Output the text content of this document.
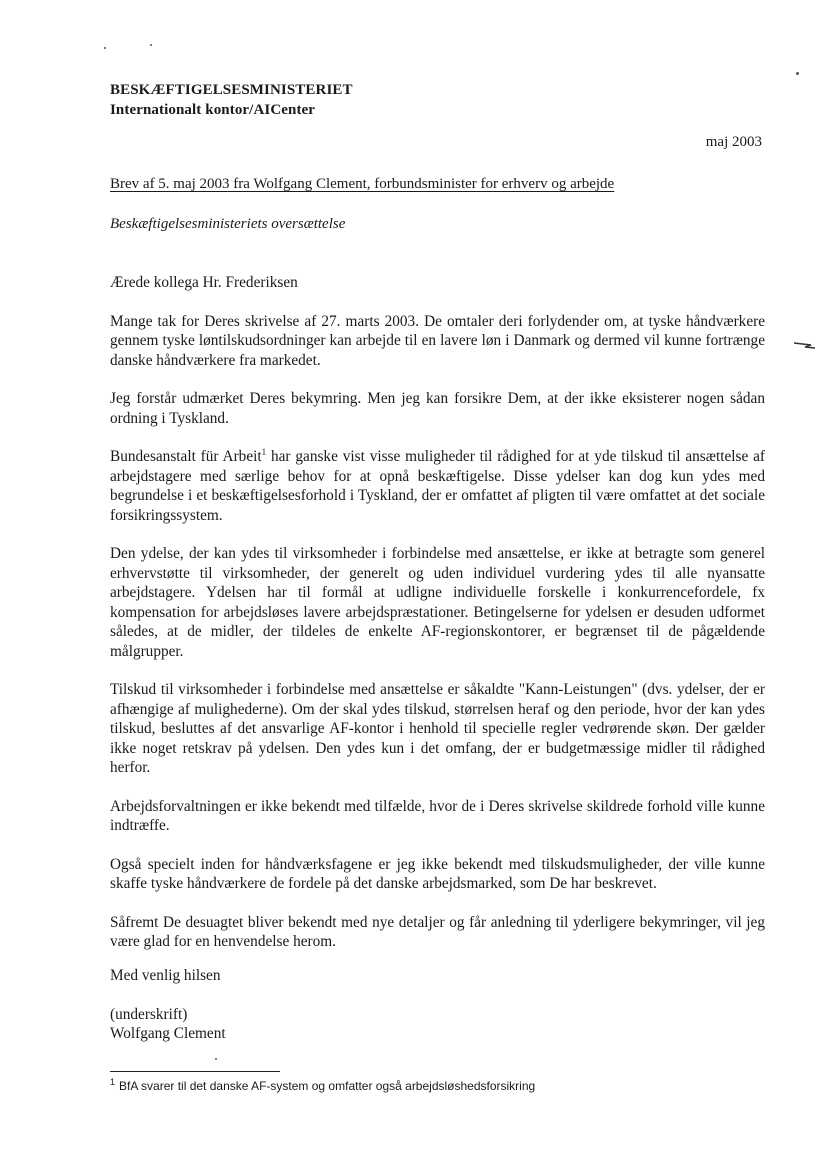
BESKÆFTIGELSESMINISTERIET
Internationalt kontor/AICenter
maj 2003
Brev af 5. maj 2003 fra Wolfgang Clement, forbundsminister for erhverv og arbejde
Beskæftigelsesministeriets oversættelse

Ærede kollega Hr. Frederiksen

Mange tak for Deres skrivelse af 27. marts 2003. De omtaler deri forlydender om, at tyske håndværkere gennem tyske løntilskudsordninger kan arbejde til en lavere løn i Danmark og dermed vil kunne fortrænge danske håndværkere fra markedet.

Jeg forstår udmærket Deres bekymring. Men jeg kan forsikre Dem, at der ikke eksisterer nogen sådan ordning i Tyskland.

Bundesanstalt für Arbeit$^1$ har ganske vist visse muligheder til rådighed for at yde tilskud til ansættelse af arbejdstagere med særlige behov for at opnå beskæftigelse. Disse ydelser kan dog kun ydes med begrundelse i et beskæftigelsesforhold i Tyskland, der er omfattet af pligten til være omfattet at det sociale forsikringssystem.

Den ydelse, der kan ydes til virksomheder i forbindelse med ansættelse, er ikke at betragte som generel erhvervstøtte til virksomheder, der generelt og uden individuel vurdering ydes til alle nyansatte arbejdstagere. Ydelsen har til formål at udligne individuelle forskelle i konkurrencefordele, fx kompensation for arbejdsløses lavere arbejdspræstationer. Betingelserne for ydelsen er desuden udformet således, at de midler, der tildeles de enkelte AF-regionskontorer, er begrænset til de pågældende målgrupper.

Tilskud til virksomheder i forbindelse med ansættelse er såkaldte "Kann-Leistungen" (dvs. ydelser, der er afhængige af mulighederne). Om der skal ydes tilskud, størrelsen heraf og den periode, hvor der kan ydes tilskud, besluttes af det ansvarlige AF-kontor i henhold til specielle regler vedrørende skøn. Der gælder ikke noget retskrav på ydelsen. Den ydes kun i det omfang, der er budgetmæssige midler til rådighed herfor.

Arbejdsforvaltningen er ikke bekendt med tilfælde, hvor de i Deres skrivelse skildrede forhold ville kunne indtræffe.

Også specielt inden for håndværksfagene er jeg ikke bekendt med tilskudsmuligheder, der ville kunne skaffe tyske håndværkere de fordele på det danske arbejdsmarked, som De har beskrevet.

Såfremt De desuagtet bliver bekendt med nye detaljer og får anledning til yderligere bekymringer, vil jeg være glad for en henvendelse herom.

Med venlig hilsen
(underskrift)
Wolfgang Clement
$^1$ BfA svarer til det danske AF-system og omfatter også arbejdsløshedsforsikring
